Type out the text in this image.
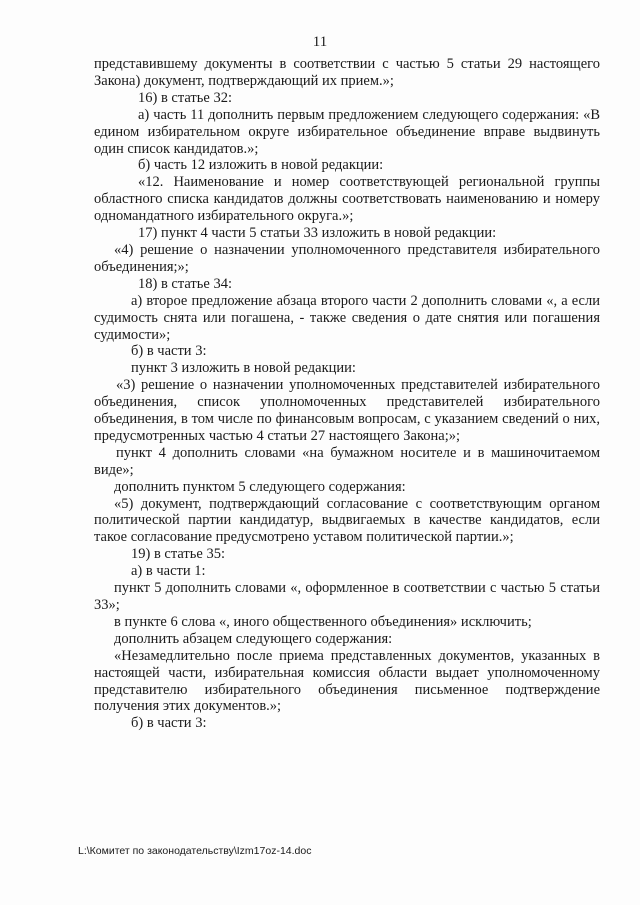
11
представившему документы в соответствии с частью 5 статьи 29 настоящего Закона) документ, подтверждающий их прием.»;
16) в статье 32:
а) часть 11 дополнить первым предложением следующего содержания: «В едином избирательном округе избирательное объединение вправе выдвинуть один список кандидатов.»;
б) часть 12 изложить в новой редакции:
«12. Наименование и номер соответствующей региональной группы областного списка кандидатов должны соответствовать наименованию и номеру одномандатного избирательного округа.»;
17) пункт 4 части 5 статьи 33 изложить в новой редакции:
«4) решение о назначении уполномоченного представителя избирательного объединения;»;
18) в статье 34:
а) второе предложение абзаца второго части 2 дополнить словами «, а если судимость снята или погашена, - также сведения о дате снятия или погашения судимости»;
б) в части 3:
пункт 3 изложить в новой редакции:
«3) решение о назначении уполномоченных представителей избирательного объединения, список уполномоченных представителей избирательного объединения, в том числе по финансовым вопросам, с указанием сведений о них, предусмотренных частью 4 статьи 27 настоящего Закона;»;
пункт 4 дополнить словами «на бумажном носителе и в машиночитаемом виде»;
дополнить пунктом 5 следующего содержания:
«5) документ, подтверждающий согласование с соответствующим органом политической партии кандидатур, выдвигаемых в качестве кандидатов, если такое согласование предусмотрено уставом политической партии.»;
19) в статье 35:
а) в части 1:
пункт 5 дополнить словами «, оформленное в соответствии с частью 5 статьи 33»;
в пункте 6 слова «, иного общественного объединения» исключить;
дополнить абзацем следующего содержания:
«Незамедлительно после приема представленных документов, указанных в настоящей части, избирательная комиссия области выдает уполномоченному представителю избирательного объединения письменное подтверждение получения этих документов.»;
б) в части 3:
L:\Комитет по законодательству\Izm17oz-14.doc
